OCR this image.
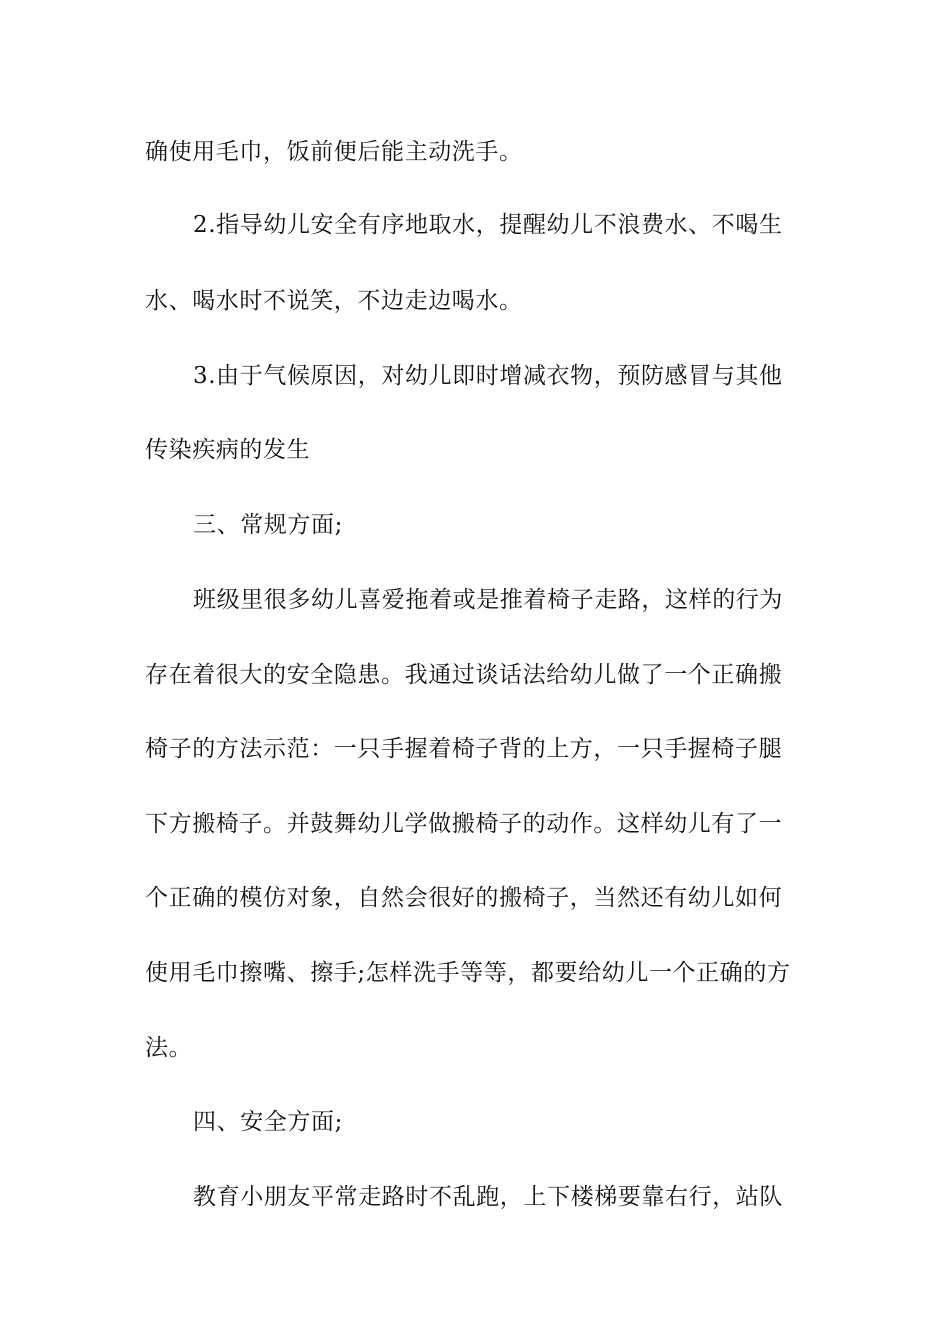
确使用毛巾，饭前便后能主动洗手。
2.指导幼儿安全有序地取水，提醒幼儿不浪费水、不喝生
水、喝水时不说笑，不边走边喝水。
3.由于气候原因，对幼儿即时增减衣物，预防感冒与其他
传染疾病的发生
三、常规方面;
班级里很多幼儿喜爱拖着或是推着椅子走路，这样的行为
存在着很大的安全隐患。我通过谈话法给幼儿做了一个正确搬
椅子的方法示范：一只手握着椅子背的上方，一只手握椅子腿
下方搬椅子。并鼓舞幼儿学做搬椅子的动作。这样幼儿有了一
个正确的模仿对象，自然会很好的搬椅子，当然还有幼儿如何
使用毛巾擦嘴、擦手;怎样洗手等等，都要给幼儿一个正确的方
法。
四、安全方面;
教育小朋友平常走路时不乱跑，上下楼梯要靠右行，站队
